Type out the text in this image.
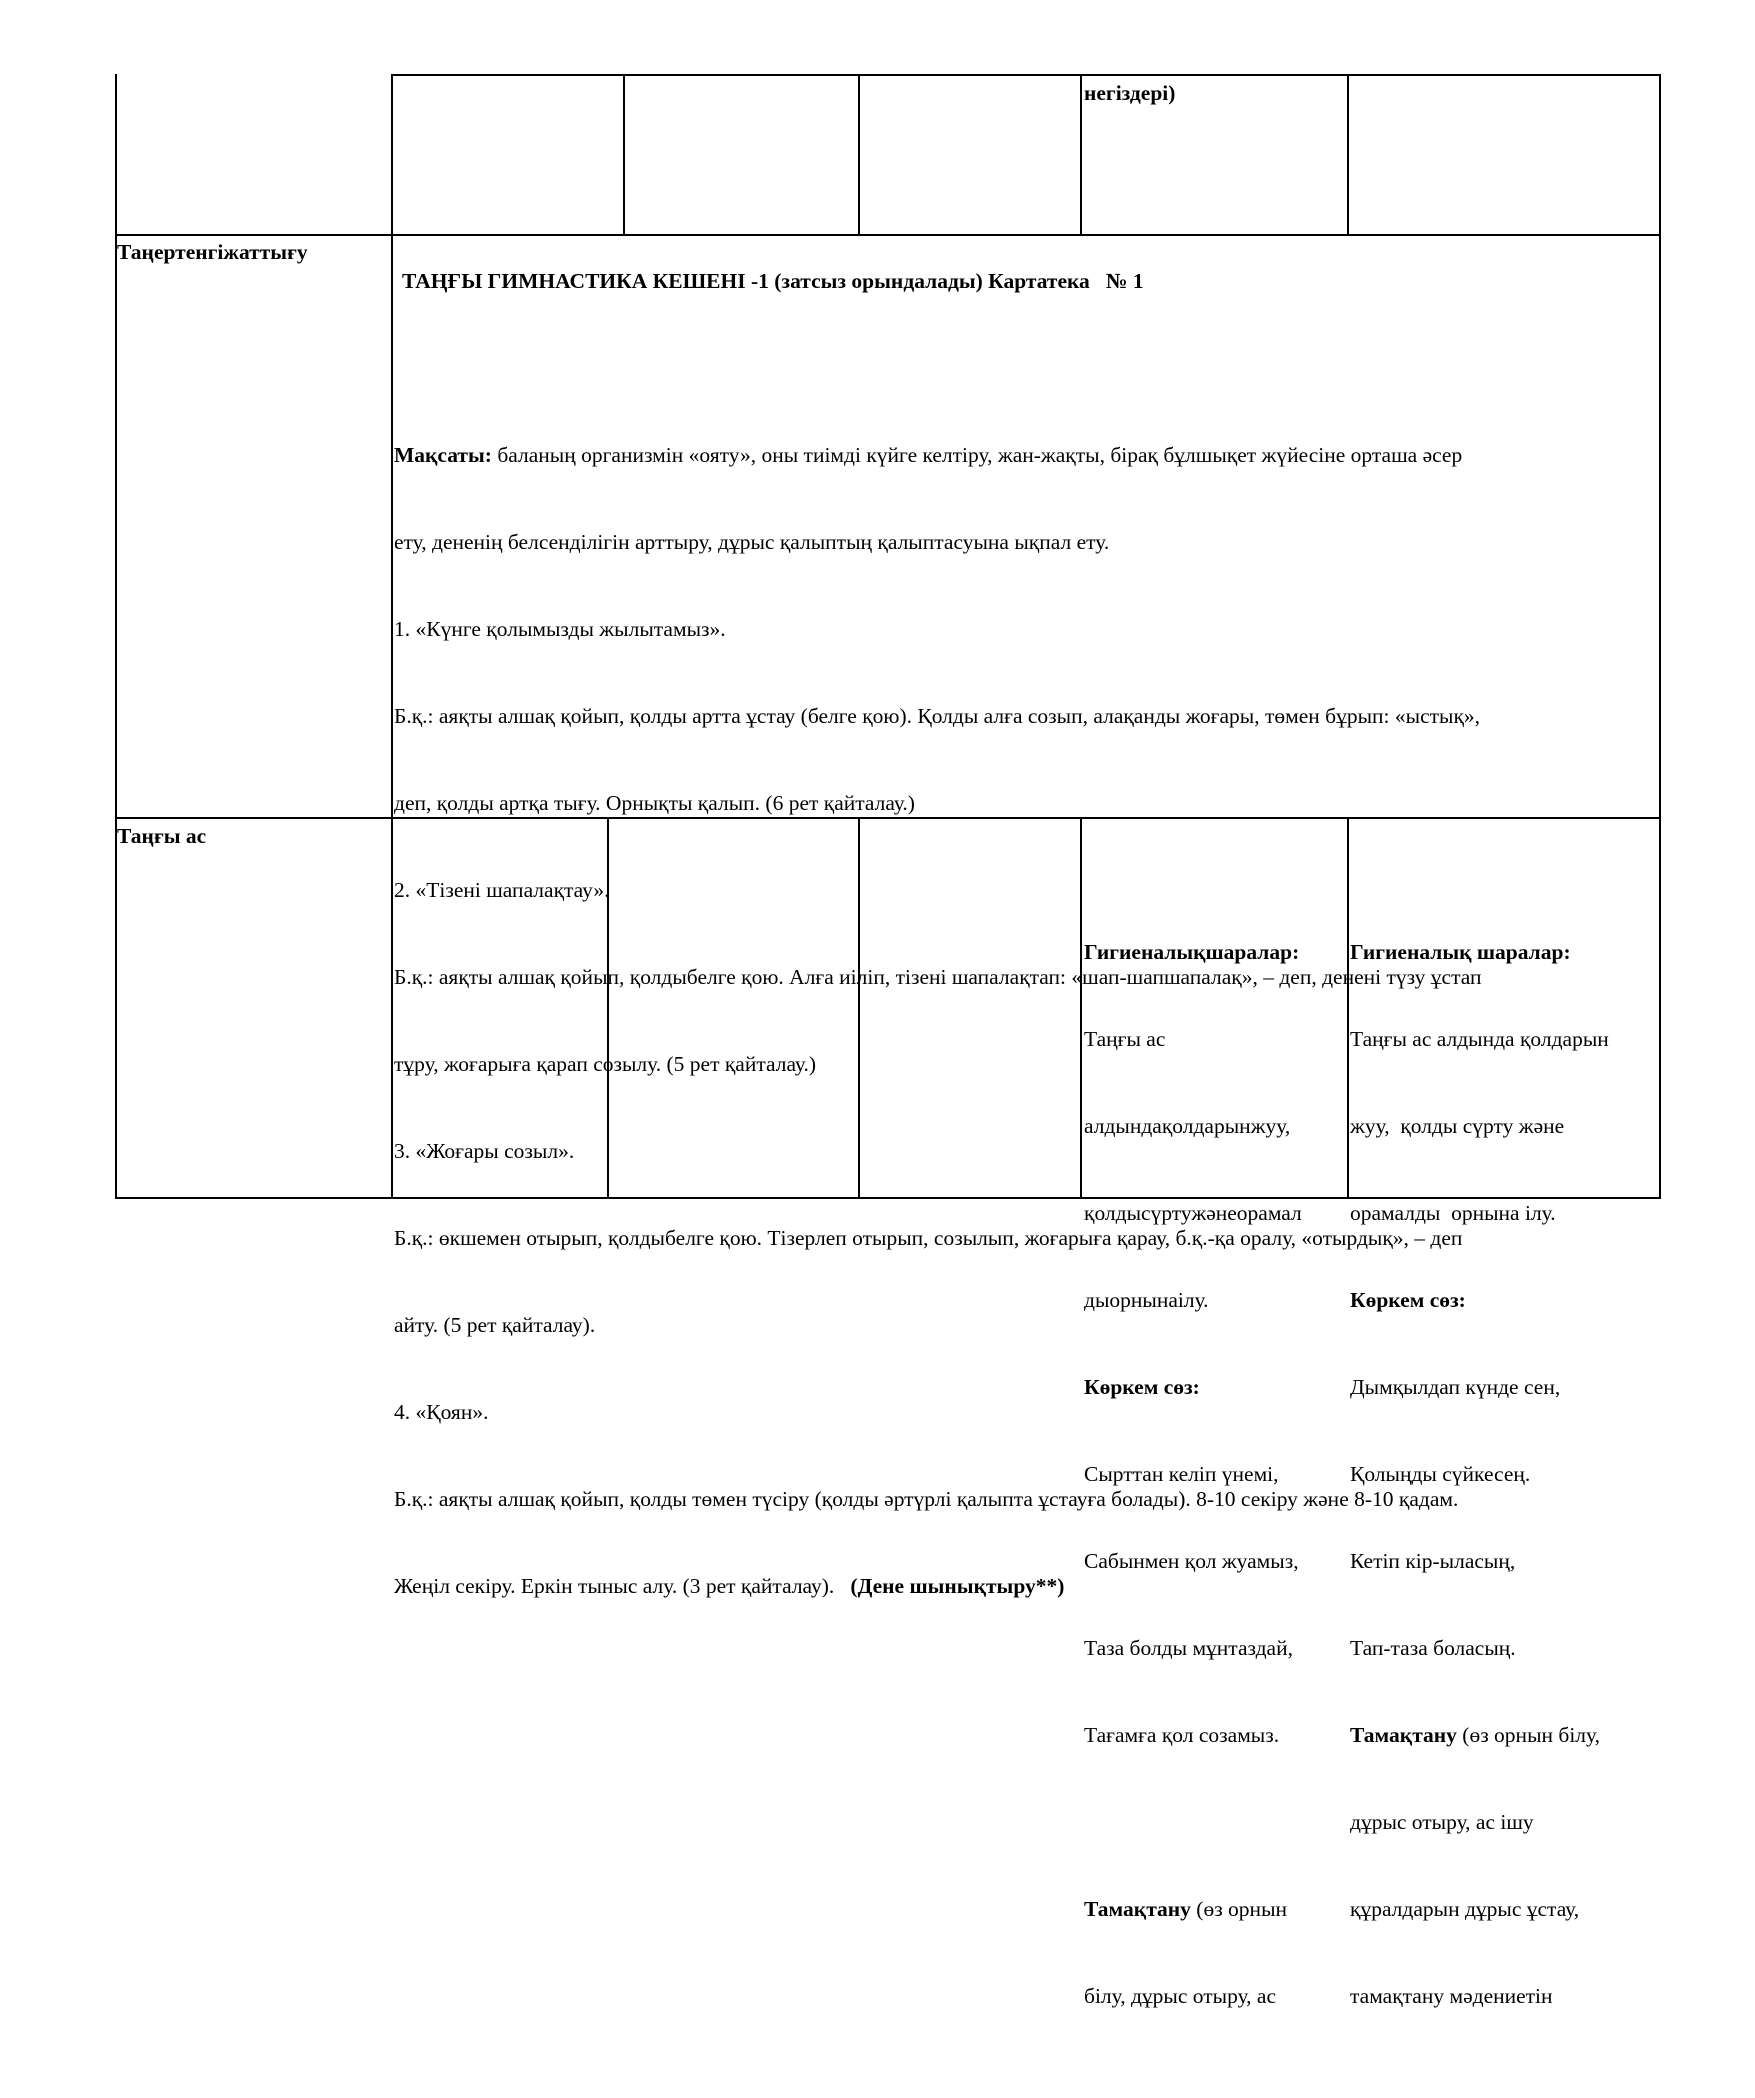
негіздері)
Таңертенгіжаттығу
ТАҢҒЫ ГИМНАСТИКА КЕШЕНІ -1 (затсыз орындалады) Картатека   № 1

Мақсаты: баланың организмін «ояту», оны тиімді күйге келтіру, жан-жақты, бірақ бұлшықет жүйесіне орташа әсер

ету, дененің белсенділігін арттыру, дұрыс қалыптың қалыптасуына ықпал ету.

1. «Күнге қолымызды жылытамыз».

Б.қ.: аяқты алшақ қойып, қолды артта ұстау (белге қою). Қолды алға созып, алақанды жоғары, төмен бұрып: «ыстық»,

деп, қолды артқа тығу. Орнықты қалып. (6 рет қайталау.)

2. «Тізені шапалақтау».

Б.қ.: аяқты алшақ қойып, қолдыбелге қою. Алға иіліп, тізені шапалақтап: «шап-шапшапалақ», – деп, денені түзу ұстап

тұру, жоғарыға қарап созылу. (5 рет қайталау.)

3. «Жоғары созыл».

Б.қ.: өкшемен отырып, қолдыбелге қою. Тізерлеп отырып, созылып, жоғарыға қарау, б.қ.-қа оралу, «отырдық», – деп

айту. (5 рет қайталау).

4. «Қоян».

Б.қ.: аяқты алшақ қойып, қолды төмен түсіру (қолды әртүрлі қалыпта ұстауға болады). 8-10 секіру және 8-10 қадам.

Жеңіл секіру. Еркін тыныс алу. (3 рет қайталау).   (Дене шынықтыру**)

Таңғы ас

Гигиеналықшаралар:

Таңғы ас

алдындақолдарынжуу,

қолдысүртужәнеорамал

дыорнынаілу.

Көркем сөз:

Сырттан келіп үнемі,

Сабынмен қол жуамыз,

Таза болды мұнтаздай,

Тағамға қол созамыз.

Тамақтану (өз орнын

білу, дұрыс отыру, ас

Гигиеналық шаралар:

Таңғы ас алдында қолдарын

жуу,  қолды сүрту және

орамалды  орнына ілу.

Көркем сөз:

Дымқылдап күнде сен,

Қолыңды сүйкесең.

Кетіп кір-ыласың,

Тап-таза боласың.

Тамақтану (өз орнын білу,

дұрыс отыру, ас ішу

құралдарын дұрыс ұстау,

тамақтану мәдениетін
